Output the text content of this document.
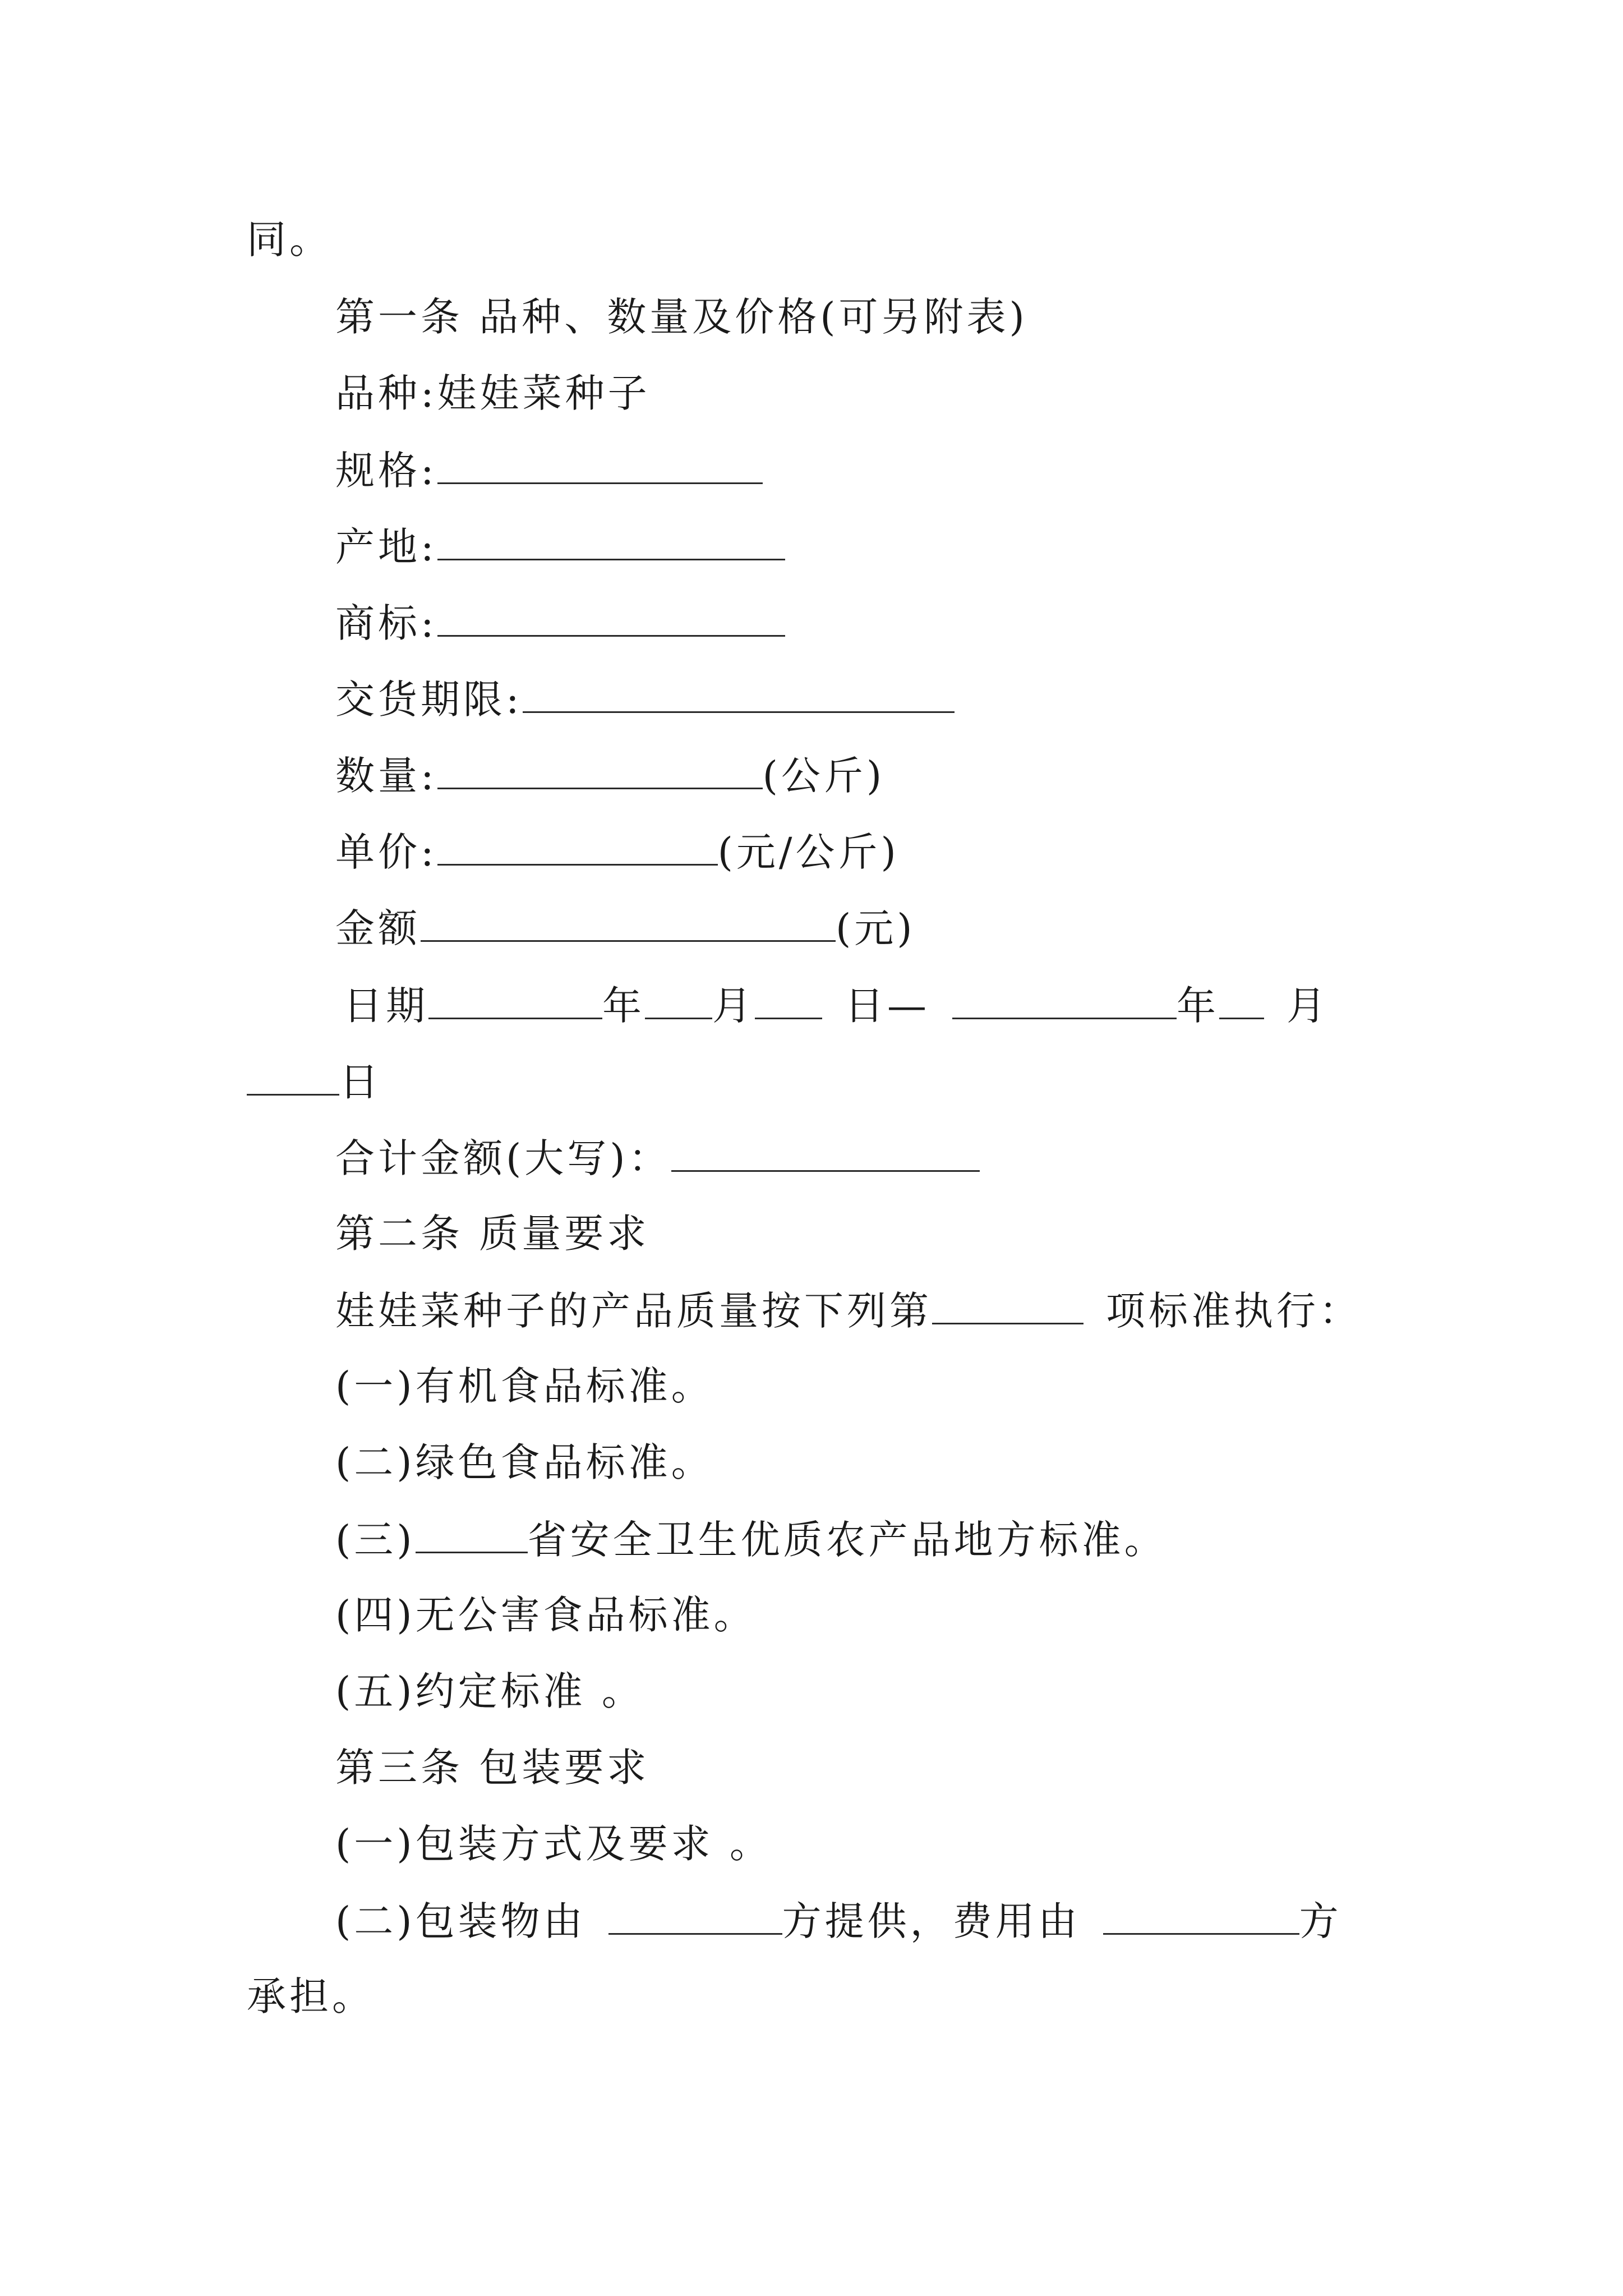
同。
第一条 品种、数量及价格(可另附表)
品种:娃娃菜种子
规格:
产地:
商标:
交货期限:
数量:	(公斤)
单价:	(元/公斤)
金额	(元)
日期	年 月 日—	年 月
日
合计金额(大写)：
第二条 质量要求
娃娃菜种子的产品质量按下列第	项标准执行：
(一)有机食品标准。
(二)绿色食品标准。
(三)	省安全卫生优质农产品地方标准。
(四)无公害食品标准。
(五)约定标准 。
第三条 包装要求
(一)包装方式及要求 。
(二)包装物由	方提供，费用由	方
承担。
